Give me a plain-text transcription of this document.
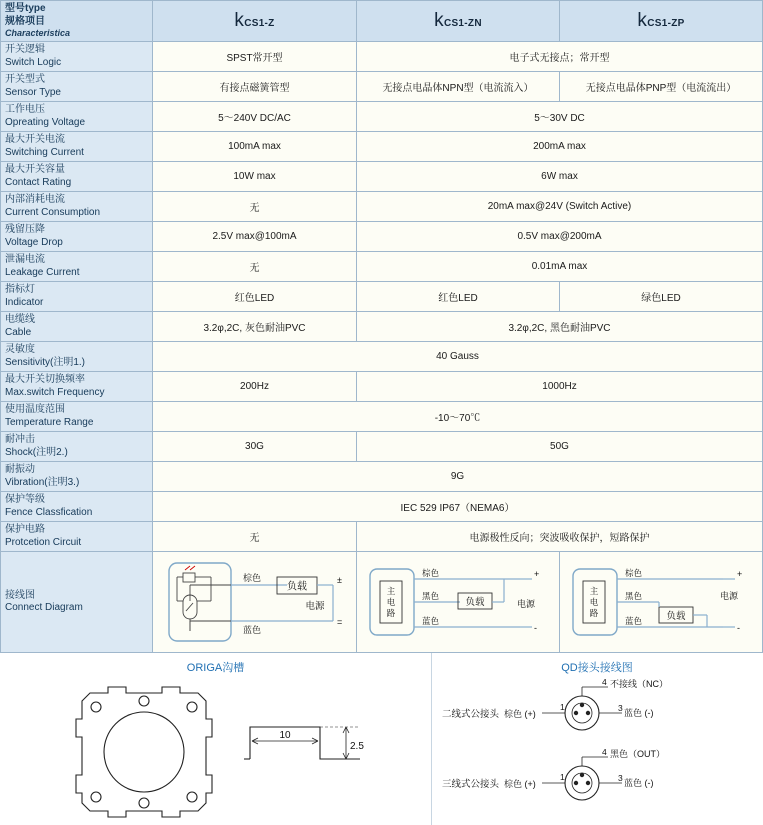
型号type
规格项目
Characteristica	kCS1-Z	kCS1-ZN	kCS1-ZP

开关逻辑
Switch Logic	SPST常开型	电子式无接点；常开型	

开关型式
Sensor Type	有接点磁簧管型	无接点电晶体NPN型（电流流入）	无接点电晶体PNP型（电流流出）

工作电压
Opreating Voltage	5～240V DC/AC	5～30V DC	

最大开关电流
Switching Current	100mA max	200mA max	

最大开关容量
Contact Rating	10W max	6W max	

内部消耗电流
Current Consumption	无	20mA max@24V (Switch Active)	

残留压降
Voltage Drop	2.5V max@100mA	0.5V max@200mA	

泄漏电流
Leakage Current	无	0.01mA max	

指标灯
Indicator	红色LED	红色LED	绿色LED

电缆线
Cable	3.2φ,2C, 灰色耐油PVC	3.2φ,2C, 黑色耐油PVC	

灵敏度
Sensitivity(注明1.)	40 Gauss		

最大开关切换频率
Max.switch Frequency	200Hz	1000Hz	

使用温度范围
Temperature Range	-10～70℃		

耐冲击
Shock(注明2.)	30G	50G	

耐振动
Vibration(注明3.)	9G		

保护等级
Fence Classfication	IEC 529 IP67（NEMA6）		

保护电路
Protcetion Circuit	无	电源极性反向；突波吸收保护，短路保护	

接线图
Connect Diagram

负载
棕色
蓝色
±
=
电源

主
电
路
负载
棕色
黑色
蓝色
+
-
电源

主
电
路	负载
棕色
黑色
蓝色
+
-
电源
ORIGA沟槽
10
2.5
QD接头接线图
二线式公接头 棕色 (+)
1
蓝色 (-)
3
4 不接线（NC）
三线式公接头 棕色 (+)
1
蓝色 (-)
3
4 黑色（OUT）
